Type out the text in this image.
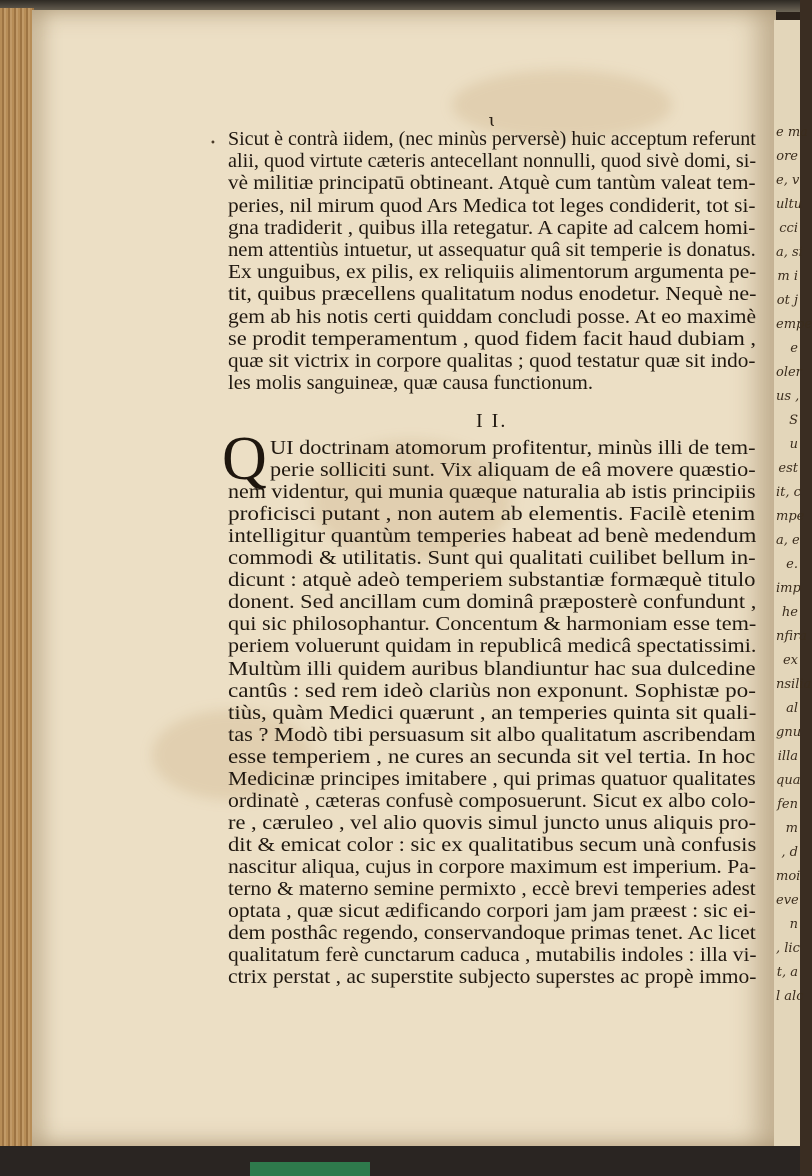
e ma
ore
e, v
ultu
cci
a, si
m i
ot j
empe
e
oler
us ,
S
u
est
it, c
mpe
a, e
e.
imp
he
nfira
ex
nsilia
al
gnu
illa
qua
fen
m
, d
moi
eve
n
, lic
t, a
l alc
ɩ
•
I I.
Q
Sicut è contrà iidem, (nec minùs perversè) huic acceptum referunt
alii, quod virtute cæteris antecellant nonnulli, quod sivè domi, si-
vè militiæ principatū obtineant. Atquè cum tantùm valeat tem-
peries, nil mirum quod Ars Medica tot leges condiderit, tot si-
gna tradiderit , quibus illa retegatur. A capite ad calcem homi-
nem attentiùs intuetur, ut assequatur quâ sit temperie is donatus.
Ex unguibus, ex pilis, ex reliquiis alimentorum argumenta pe-
tit, quibus præcellens qualitatum nodus enodetur. Nequè ne-
gem ab his notis certi quiddam concludi posse. At eo maximè
se prodit temperamentum , quod fidem facit haud dubiam ,
quæ sit victrix in corpore qualitas ; quod testatur quæ sit indo-
les molis sanguineæ, quæ causa functionum.
UI doctrinam atomorum profitentur, minùs illi de tem-
perie solliciti sunt. Vix aliquam de eâ movere quæstio-
nem videntur, qui munia quæque naturalia ab istis principiis
proficisci putant , non autem ab elementis. Facilè etenim
intelligitur quantùm temperies habeat ad benè medendum
commodi & utilitatis. Sunt qui qualitati cuilibet bellum in-
dicunt : atquè adeò temperiem substantiæ formæquè titulo
donent. Sed ancillam cum dominâ præposterè confundunt ,
qui sic philosophantur. Concentum & harmoniam esse tem-
periem voluerunt quidam in republicâ medicâ spectatissimi.
Multùm illi quidem auribus blandiuntur hac sua dulcedine
cantûs : sed rem ideò clariùs non exponunt. Sophistæ po-
tiùs, quàm Medici quærunt , an temperies quinta sit quali-
tas ? Modò tibi persuasum sit albo qualitatum ascribendam
esse temperiem , ne cures an secunda sit vel tertia. In hoc
Medicinæ principes imitabere , qui primas quatuor qualitates
ordinatè , cæteras confusè composuerunt. Sicut ex albo colo-
re , cæruleo , vel alio quovis simul juncto unus aliquis pro-
dit & emicat color : sic ex qualitatibus secum unà confusis
nascitur aliqua, cujus in corpore maximum est imperium. Pa-
terno & materno semine permixto , eccè brevi temperies adest
optata , quæ sicut ædificando corpori jam jam præest : sic ei-
dem posthâc regendo, conservandoque primas tenet. Ac licet
qualitatum ferè cunctarum caduca , mutabilis indoles : illa vi-
ctrix perstat , ac superstite subjecto superstes ac propè immo-
